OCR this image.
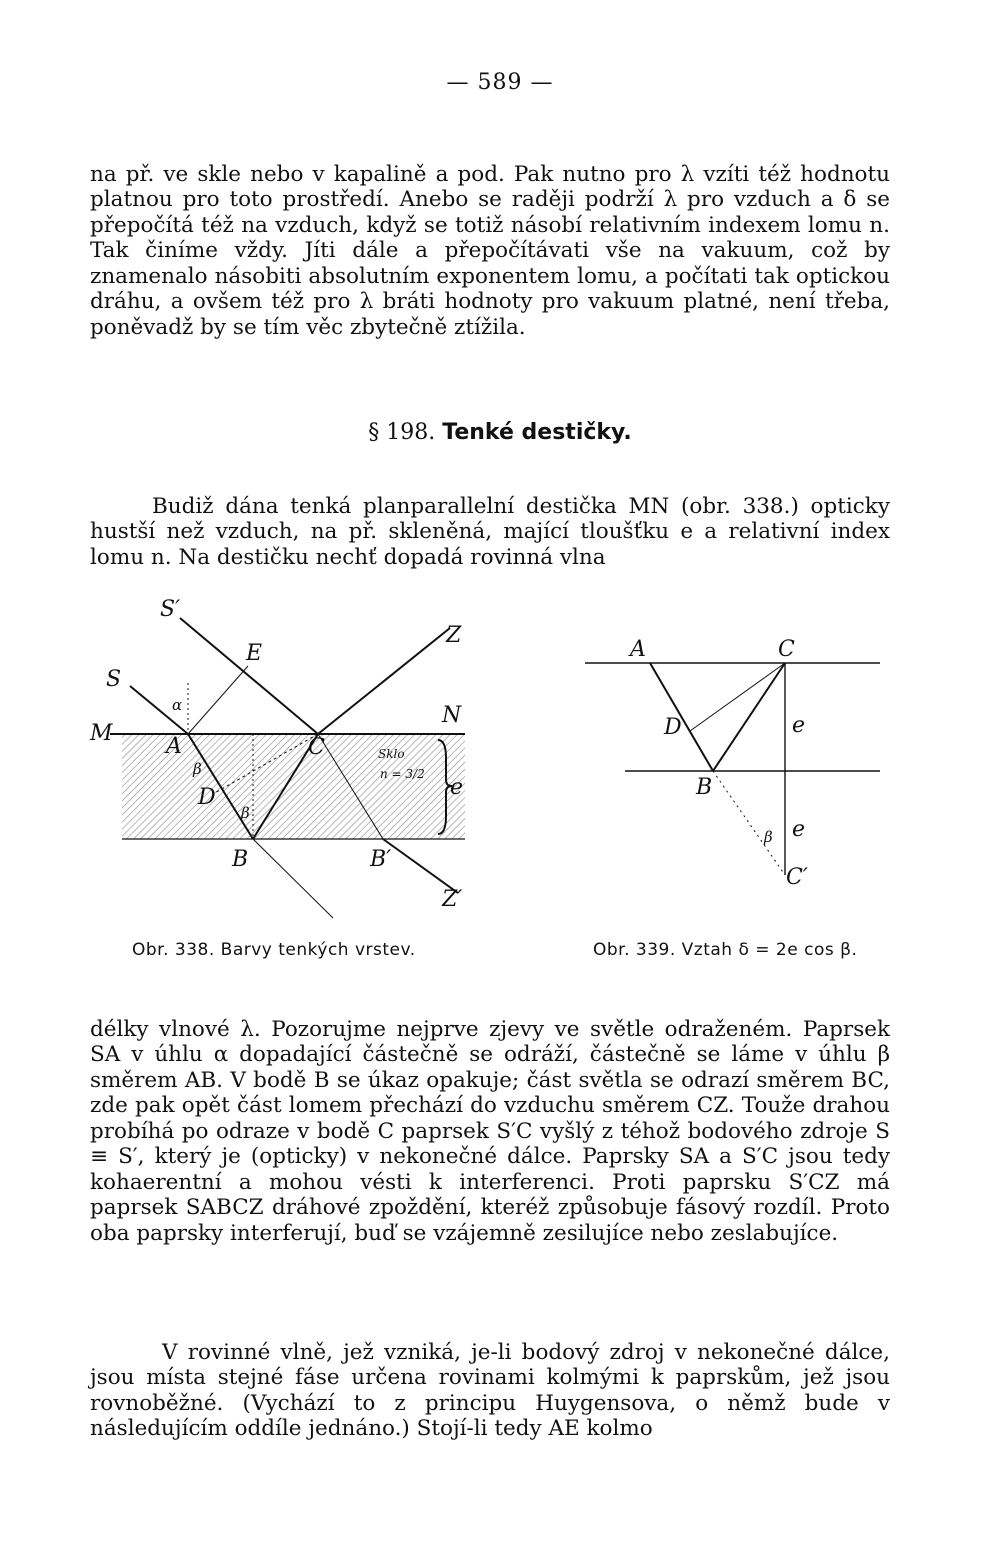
— 589 —

na př. ve skle nebo v kapalině a pod. Pak nutno pro λ vzíti též hodnotu platnou pro toto prostředí. Anebo se raději podrží λ pro vzduch a δ se přepočítá též na vzduch, když se totiž násobí relativním indexem lomu n. Tak činíme vždy. Jíti dále a přepočítávati vše na vakuum, což by znamenalo násobiti absolutním exponentem lomu, a počítati tak optickou dráhu, a ovšem též pro λ bráti hodnoty pro vakuum platné, není třeba, poněvadž by se tím věc zbytečně ztížila.

§ 198. Tenké destičky.

Budiž dána tenká planparallelní destička MN (obr. 338.) opticky hustší než vzduch, na př. skleněná, mající tloušťku e a relativní index lomu n. Na destičku nechť dopadá rovinná vlna

S′
S
M
E
Z
N
A	C
D
B	B′
Z′
α
β
β
e
Sklo
n = 3/2
A	C
D
B
C′
e
e
β
Obr. 338. Barvy tenkých vrstev.	Obr. 339. Vztah δ = 2e cos β.

délky vlnové λ. Pozorujme nejprve zjevy ve světle odraženém. Paprsek SA v úhlu α dopadající částečně se odráží, částečně se láme v úhlu β směrem AB. V bodě B se úkaz opakuje; část světla se odrazí směrem BC, zde pak opět část lomem přechází do vzduchu směrem CZ. Touže drahou probíhá po odraze v bodě C paprsek S′C vyšlý z téhož bodového zdroje S ≡ S′, který je (opticky) v nekonečné dálce. Paprsky SA a S′C jsou tedy kohaerentní a mohou vésti k interferenci. Proti paprsku S′CZ má paprsek SABCZ dráhové zpoždění, kteréž způsobuje fásový rozdíl. Proto oba paprsky interferují, buď se vzájemně zesilujíce nebo zeslabujíce.

V rovinné vlně, jež vzniká, je-li bodový zdroj v nekonečné dálce, jsou místa stejné fáse určena rovinami kolmými k paprskům, jež jsou rovnoběžné. (Vychází to z principu Huygensova, o němž bude v následujícím oddíle jednáno.) Stojí-li tedy AE kolmo
